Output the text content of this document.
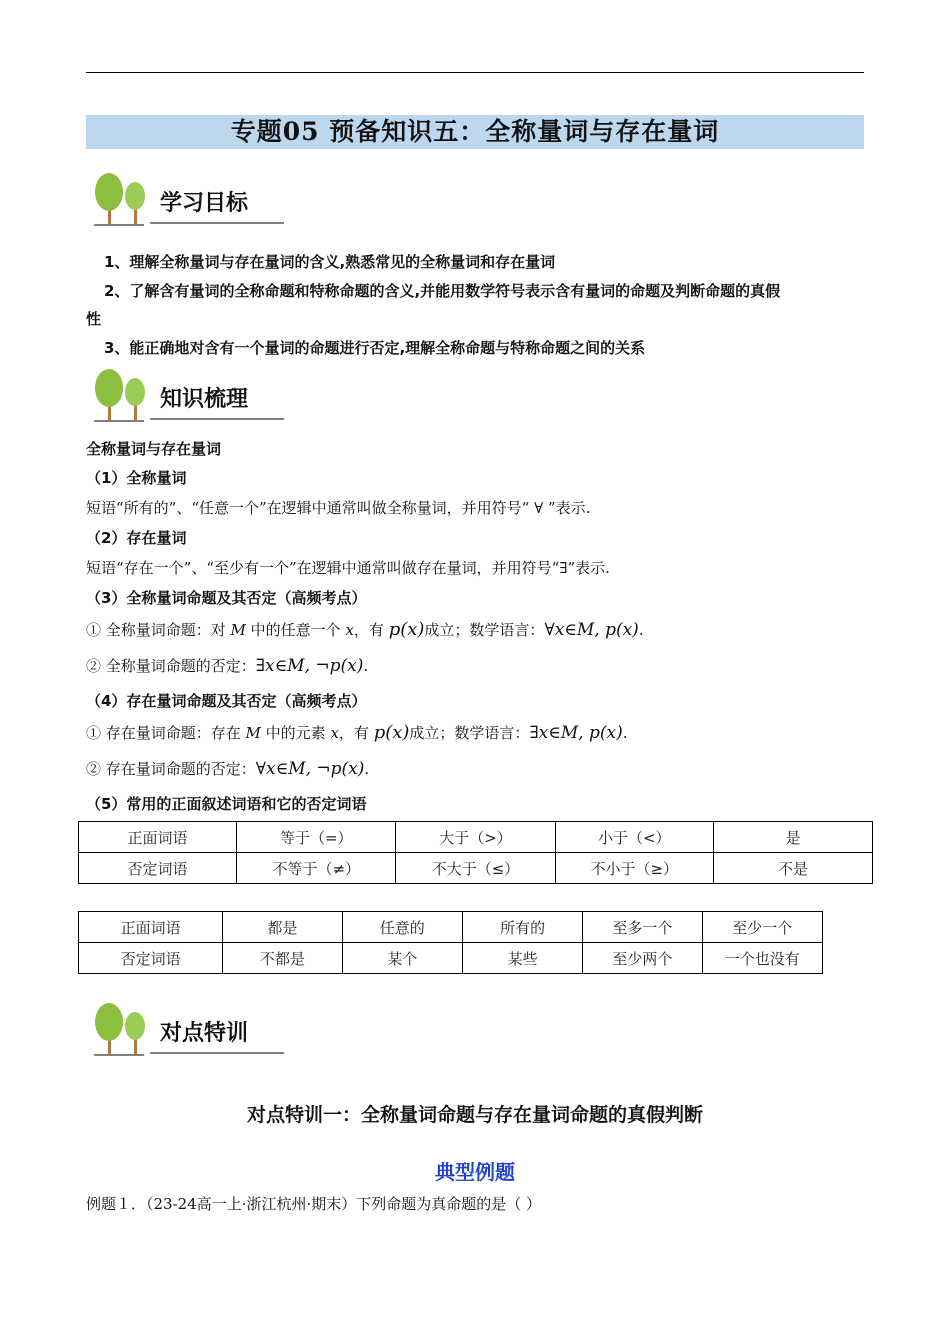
专题05 预备知识五：全称量词与存在量词
学习目标
1、理解全称量词与存在量词的含义,熟悉常见的全称量词和存在量词
2、了解含有量词的全称命题和特称命题的含义,并能用数学符号表示含有量词的命题及判断命题的真假
性
3、能正确地对含有一个量词的命题进行否定,理解全称命题与特称命题之间的关系
知识梳理
全称量词与存在量词
（1）全称量词
短语“所有的”、“任意一个”在逻辑中通常叫做全称量词，并用符号“ ∀ ”表示.
（2）存在量词
短语“存在一个”、“至少有一个”在逻辑中通常叫做存在量词，并用符号“∃”表示.
（3）全称量词命题及其否定（高频考点）
① 全称量词命题：对 M 中的任意一个 x，有 p(x)成立；数学语言：∀x∈M, p(x).
② 全称量词命题的否定：∃x∈M, ¬p(x).
（4）存在量词命题及其否定（高频考点）
① 存在量词命题：存在 M 中的元素 x，有 p(x)成立；数学语言：∃x∈M, p(x).
② 存在量词命题的否定：∀x∈M, ¬p(x).
（5）常用的正面叙述词语和它的否定词语
正面词语	等于（=）	大于（>）	小于（<）	是
否定词语	不等于（≠）	不大于（≤）	不小于（≥）	不是
正面词语	都是	任意的	所有的	至多一个	至少一个
否定词语	不都是	某个	某些	至少两个	一个也没有
对点特训
对点特训一：全称量词命题与存在量词命题的真假判断
典型例题
例题１．（23-24高一上·浙江杭州·期末）下列命题为真命题的是（ ）
